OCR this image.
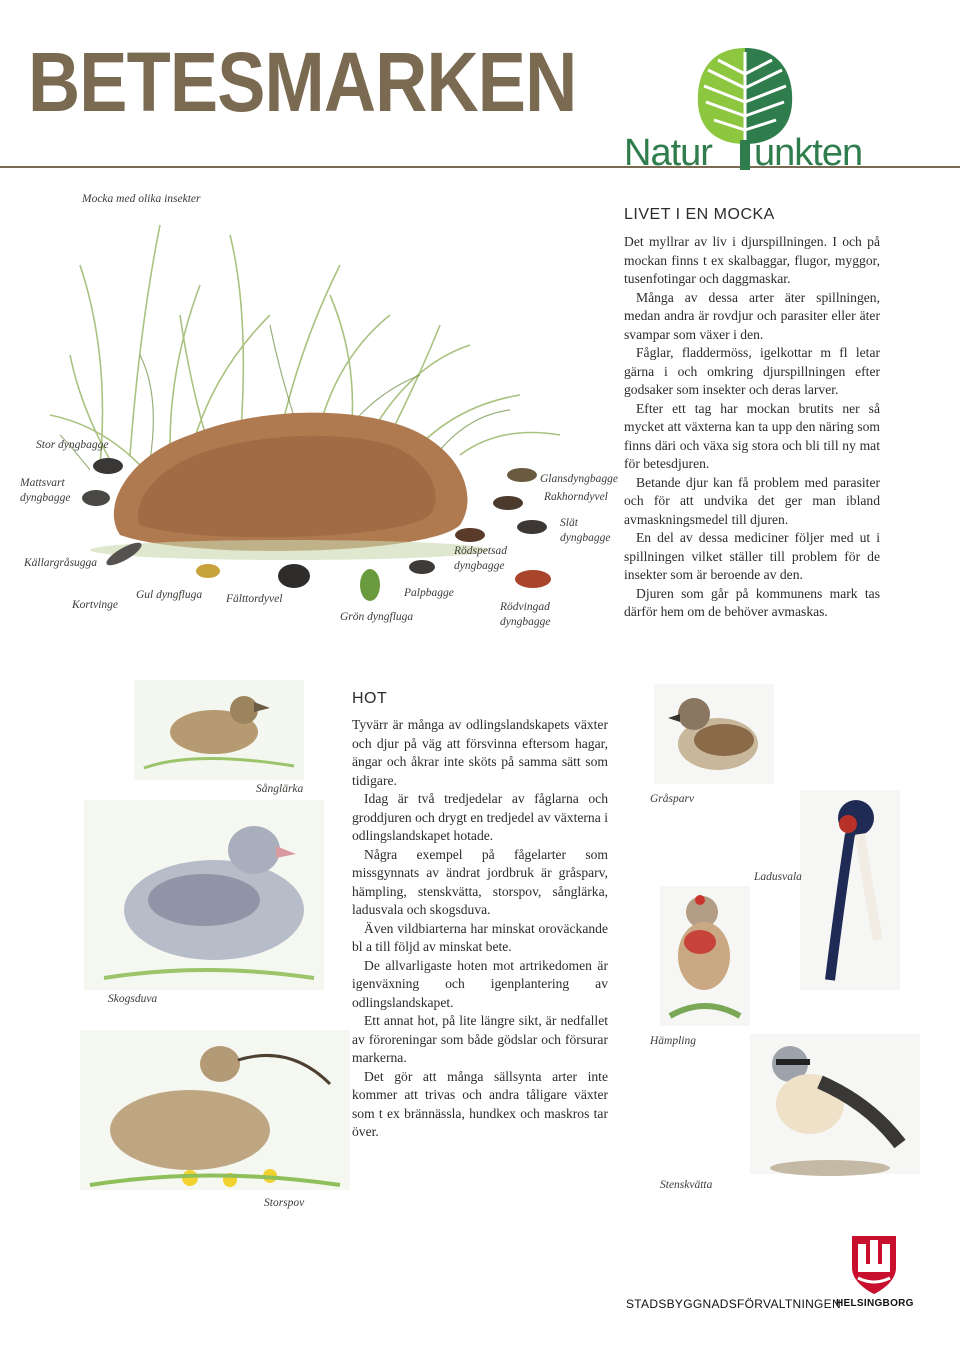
BETESMARKEN
Natur unkten
Mocka med olika insekter
Stor dyngbagge
Mattsvart
dyngbagge
Källargråsugga
Kortvinge
Gul dyngfluga Fälttordyvel
Grön dyngfluga
Palpbagge
Rödspetsad
dyngbagge
Rödvingad
dyngbagge
Glansdyngbagge
Rakhorndyvel
Slät
dyngbagge
LIVET I EN MOCKA

Det myllrar av liv i djurspillningen. I och på mockan finns t ex skalbaggar, flugor, myggor, tusenfotingar och daggmaskar.

Många av dessa arter äter spillningen, medan andra är rovdjur och parasiter eller äter svampar som växer i den.

Fåglar, fladdermöss, igelkottar m fl letar gärna i och omkring djurspillningen efter godsaker som insekter och deras larver.

Efter ett tag har mockan brutits ner så mycket att växterna kan ta upp den näring som finns däri och växa sig stora och bli till ny mat för betesdjuren.

Betande djur kan få problem med parasiter och för att undvika det ger man ibland avmaskningsmedel till djuren.

En del av dessa mediciner följer med ut i spillningen vilket ställer till problem för de insekter som är beroende av den.

Djuren som går på kommunens mark tas därför hem om de behöver avmaskas.

Sånglärka
Skogsduva
Storspov
HOT

Tyvärr är många av odlingslandskapets växter och djur på väg att försvinna eftersom hagar, ängar och åkrar inte sköts på samma sätt som tidigare.

Idag är två tredjedelar av fåglarna och groddjuren och drygt en tredjedel av växterna i odlingslandskapet hotade.

Några exempel på fågelarter som missgynnats av ändrat jordbruk är gråsparv, hämpling, stenskvätta, storspov, sånglärka, ladusvala och skogsduva.

Även vildbiarterna har minskat oroväckande bl a till följd av minskat bete.

De allvarligaste hoten mot artrikedomen är igenväxning och igenplantering av odlingslandskapet.

Ett annat hot, på lite längre sikt, är nedfallet av föroreningar som både gödslar och försurar markerna.

Det gör att många sällsynta arter inte kommer att trivas och andra tåligare växter som t ex brännässla, hundkex och maskros tar över.

Gråsparv
Ladusvala
Hämpling
Stenskvätta
STADSBYGGNADSFÖRVALTNINGEN
HELSINGBORG
